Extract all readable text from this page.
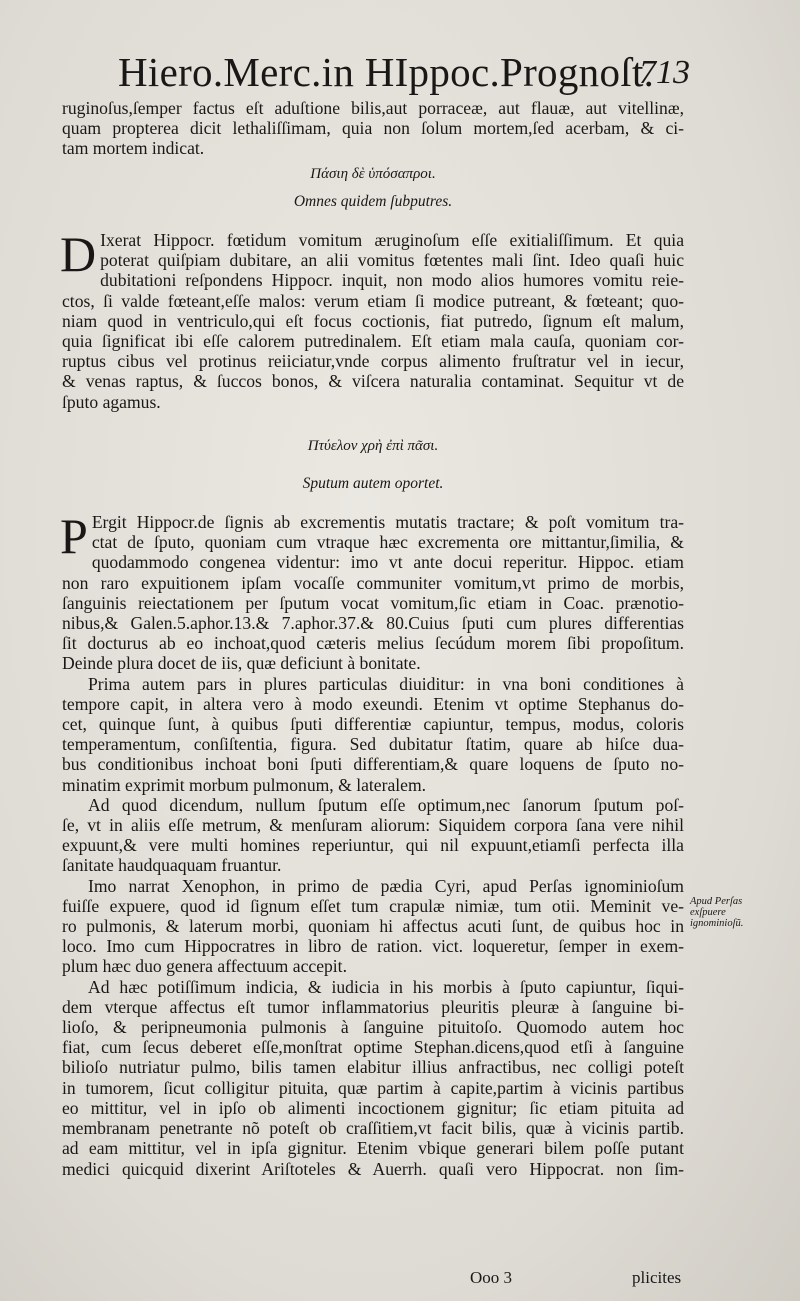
Hiero.Merc.in HIppoc.Prognoſt.
713
ruginoſus,ſemper factus eſt aduſtione bilis,aut porraceæ, aut flauæ, aut vitellinæ,
quam propterea dicit lethaliſſimam, quia non ſolum mortem,ſed acerbam, & ci-
tam mortem indicat.
Πάσιη δὲ ὑπόσαπροι.
Omnes quidem ſubputres.
D Ixerat Hippocr. fœtidum vomitum æruginoſum eſſe exitialiſſimum. Et quia
poterat quiſpiam dubitare, an alii vomitus fœtentes mali ſint. Ideo quaſi huic
dubitationi reſpondens Hippocr. inquit, non modo alios humores vomitu reie-
ctos, ſi valde fœteant,eſſe malos: verum etiam ſi modice putreant, & fœteant; quo-
niam quod in ventriculo,qui eſt focus coctionis, fiat putredo, ſignum eſt malum,
quia ſignificat ibi eſſe calorem putredinalem. Eſt etiam mala cauſa, quoniam cor-
ruptus cibus vel protinus reiiciatur,vnde corpus alimento fruſtratur vel in iecur,
& venas raptus, & ſuccos bonos, & viſcera naturalia contaminat. Sequitur vt de
ſputo agamus.
Πτύελον χρὴ ἐπὶ πᾶσι.
Sputum autem oportet.
P Ergit Hippocr.de ſignis ab excrementis mutatis tractare; & poſt vomitum tra-
ctat de ſputo, quoniam cum vtraque hæc excrementa ore mittantur,ſimilia, &
quodammodo congenea videntur: imo vt ante docui reperitur. Hippoc. etiam
non raro expuitionem ipſam vocaſſe communiter vomitum,vt primo de morbis,
ſanguinis reiectationem per ſputum vocat vomitum,ſic etiam in Coac. prænotio-
nibus,& Galen.5.aphor.13.& 7.aphor.37.& 80.Cuius ſputi cum plures differentias
ſit docturus ab eo inchoat,quod cæteris melius ſecúdum morem ſibi propoſitum.
Deinde plura docet de iis, quæ deficiunt à bonitate.
Prima autem pars in plures particulas diuiditur: in vna boni conditiones à
tempore capit, in altera vero à modo exeundi. Etenim vt optime Stephanus do-
cet, quinque ſunt, à quibus ſputi differentiæ capiuntur, tempus, modus, coloris
temperamentum, conſiſtentia, figura. Sed dubitatur ſtatim, quare ab hiſce dua-
bus conditionibus inchoat boni ſputi differentiam,& quare loquens de ſputo no-
minatim exprimit morbum pulmonum, & lateralem.
Ad quod dicendum, nullum ſputum eſſe optimum,nec ſanorum ſputum poſ-
ſe, vt in aliis eſſe metrum, & menſuram aliorum: Siquidem corpora ſana vere nihil
expuunt,& vere multi homines reperiuntur, qui nil expuunt,etiamſi perfecta illa
ſanitate haudquaquam fruantur.
Imo narrat Xenophon, in primo de pædia Cyri, apud Perſas ignominioſum
fuiſſe expuere, quod id ſignum eſſet tum crapulæ nimiæ, tum otii. Meminit ve-
ro pulmonis, & laterum morbi, quoniam hi affectus acuti ſunt, de quibus hoc in
loco. Imo cum Hippocratres in libro de ration. vict. loqueretur, ſemper in exem-
plum hæc duo genera affectuum accepit.
Ad hæc potiſſimum indicia, & iudicia in his morbis à ſputo capiuntur, ſiqui-
dem vterque affectus eſt tumor inflammatorius pleuritis pleuræ à ſanguine bi-
lioſo, & peripneumonia pulmonis à ſanguine pituitoſo. Quomodo autem hoc
fiat, cum ſecus deberet eſſe,monſtrat optime Stephan.dicens,quod etſi à ſanguine
bilioſo nutriatur pulmo, bilis tamen elabitur illius anfractibus, nec colligi poteſt
in tumorem, ſicut colligitur pituita, quæ partim à capite,partim à vicinis partibus
eo mittitur, vel in ipſo ob alimenti incoctionem gignitur; ſic etiam pituita ad
membranam penetrante nõ poteſt ob craſſitiem,vt facit bilis, quæ à vicinis partib.
ad eam mittitur, vel in ipſa gignitur. Etenim vbique generari bilem poſſe putant
medici quicquid dixerint Ariſtoteles & Auerrh. quaſi vero Hippocrat. non ſim-
Apud Perſas exſpuere ignominioſũ.
Ooo 3	plicites
